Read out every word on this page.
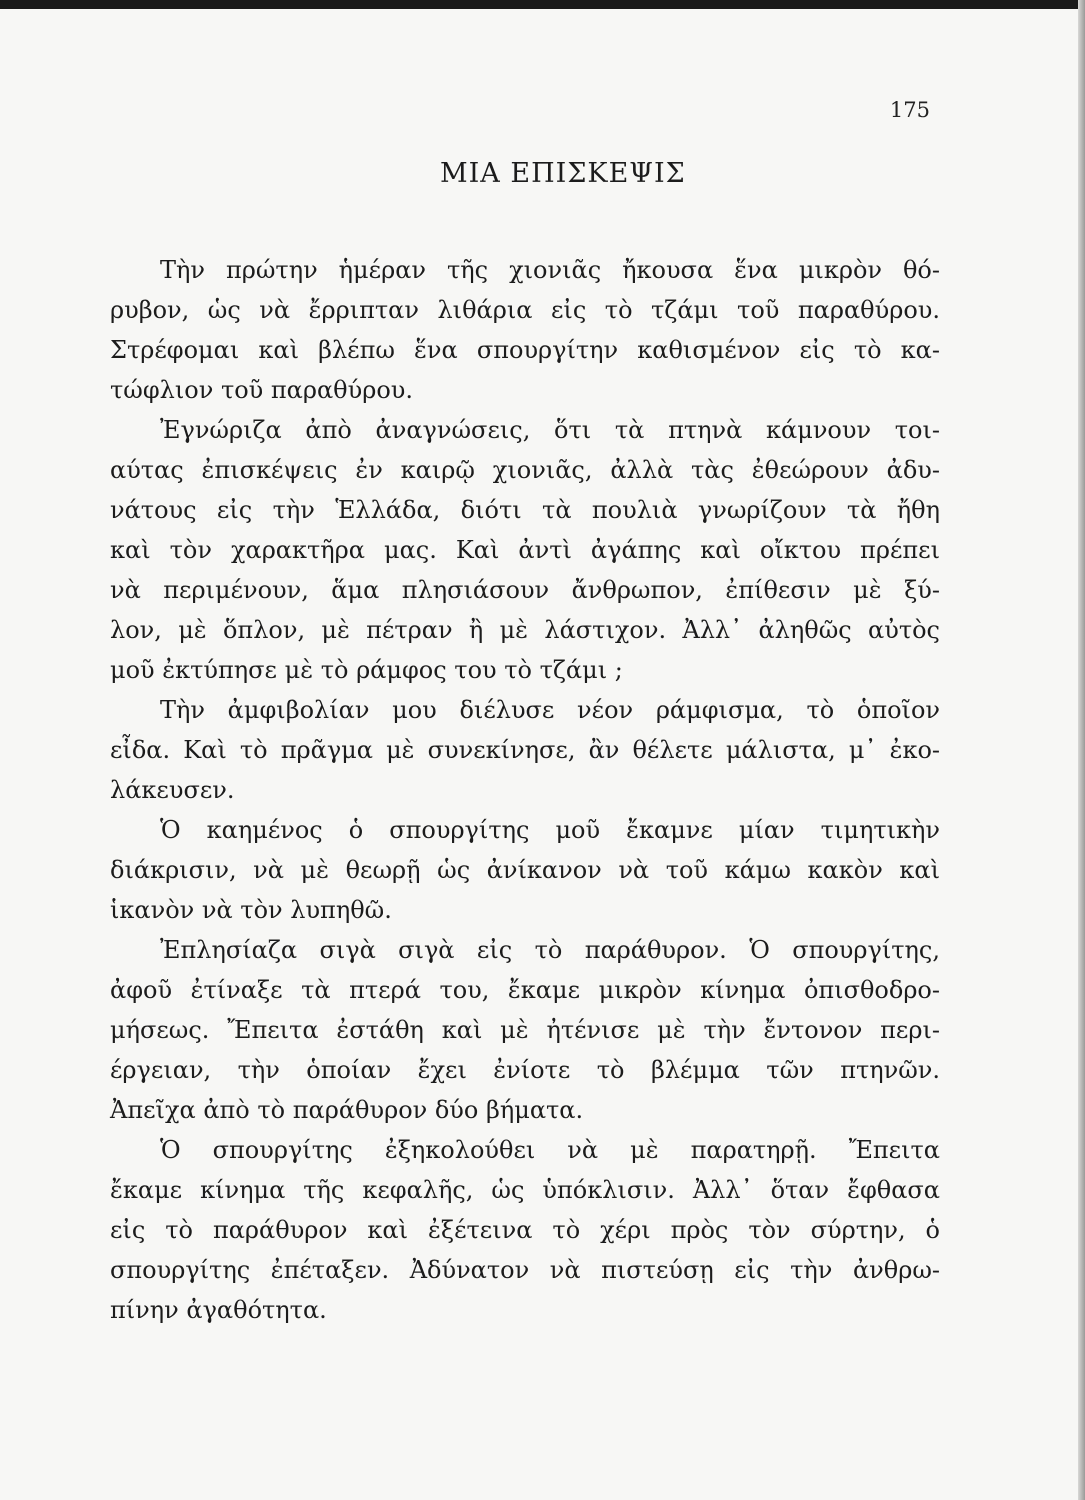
175
ΜΙΑ ΕΠΙΣΚΕΨΙΣ
Τὴν πρώτην ἡμέραν τῆς χιονιᾶς ἤκουσα ἕνα μικρὸν θό-
ρυβον, ὡς νὰ ἔρριπταν λιθάρια εἰς τὸ τζάμι τοῦ παραθύρου.
Στρέφομαι καὶ βλέπω ἕνα σπουργίτην καθισμένον εἰς τὸ κα-
τώφλιον τοῦ παραθύρου.
Ἐγνώριζα ἀπὸ ἀναγνώσεις, ὅτι τὰ πτηνὰ κάμνουν τοι-
αύτας ἐπισκέψεις ἐν καιρῷ χιονιᾶς, ἀλλὰ τὰς ἐθεώρουν ἀδυ-
νάτους εἰς τὴν Ἑλλάδα, διότι τὰ πουλιὰ γνωρίζουν τὰ ἤθη
καὶ τὸν χαρακτῆρα μας. Καὶ ἀντὶ ἀγάπης καὶ οἴκτου πρέπει
νὰ περιμένουν, ἅμα πλησιάσουν ἄνθρωπον, ἐπίθεσιν μὲ ξύ-
λον, μὲ ὅπλον, μὲ πέτραν ἢ μὲ λάστιχον. Ἀλλ᾽ ἀληθῶς αὐτὸς
μοῦ ἐκτύπησε μὲ τὸ ράμφος του τὸ τζάμι ;
Τὴν ἀμφιβολίαν μου διέλυσε νέον ράμφισμα, τὸ ὁποῖον
εἶδα. Καὶ τὸ πρᾶγμα μὲ συνεκίνησε, ἂν θέλετε μάλιστα, μ᾽ ἐκο-
λάκευσεν.
Ὁ καημένος ὁ σπουργίτης μοῦ ἔκαμνε μίαν τιμητικὴν
διάκρισιν, νὰ μὲ θεωρῇ ὡς ἀνίκανον νὰ τοῦ κάμω κακὸν καὶ
ἱκανὸν νὰ τὸν λυπηθῶ.
Ἐπλησίαζα σιγὰ σιγὰ εἰς τὸ παράθυρον. Ὁ σπουργίτης,
ἀφοῦ ἐτίναξε τὰ πτερά του, ἔκαμε μικρὸν κίνημα ὀπισθοδρο-
μήσεως. Ἔπειτα ἐστάθη καὶ μὲ ἠτένισε μὲ τὴν ἔντονον περι-
έργειαν, τὴν ὁποίαν ἔχει ἐνίοτε τὸ βλέμμα τῶν πτηνῶν.
Ἀπεῖχα ἀπὸ τὸ παράθυρον δύο βήματα.
Ὁ σπουργίτης ἐξηκολούθει νὰ μὲ παρατηρῇ. Ἔπειτα
ἔκαμε κίνημα τῆς κεφαλῆς, ὡς ὑπόκλισιν. Ἀλλ᾽ ὅταν ἔφθασα
εἰς τὸ παράθυρον καὶ ἐξέτεινα τὸ χέρι πρὸς τὸν σύρτην, ὁ
σπουργίτης ἐπέταξεν. Ἀδύνατον νὰ πιστεύσῃ εἰς τὴν ἀνθρω-
πίνην ἀγαθότητα.
